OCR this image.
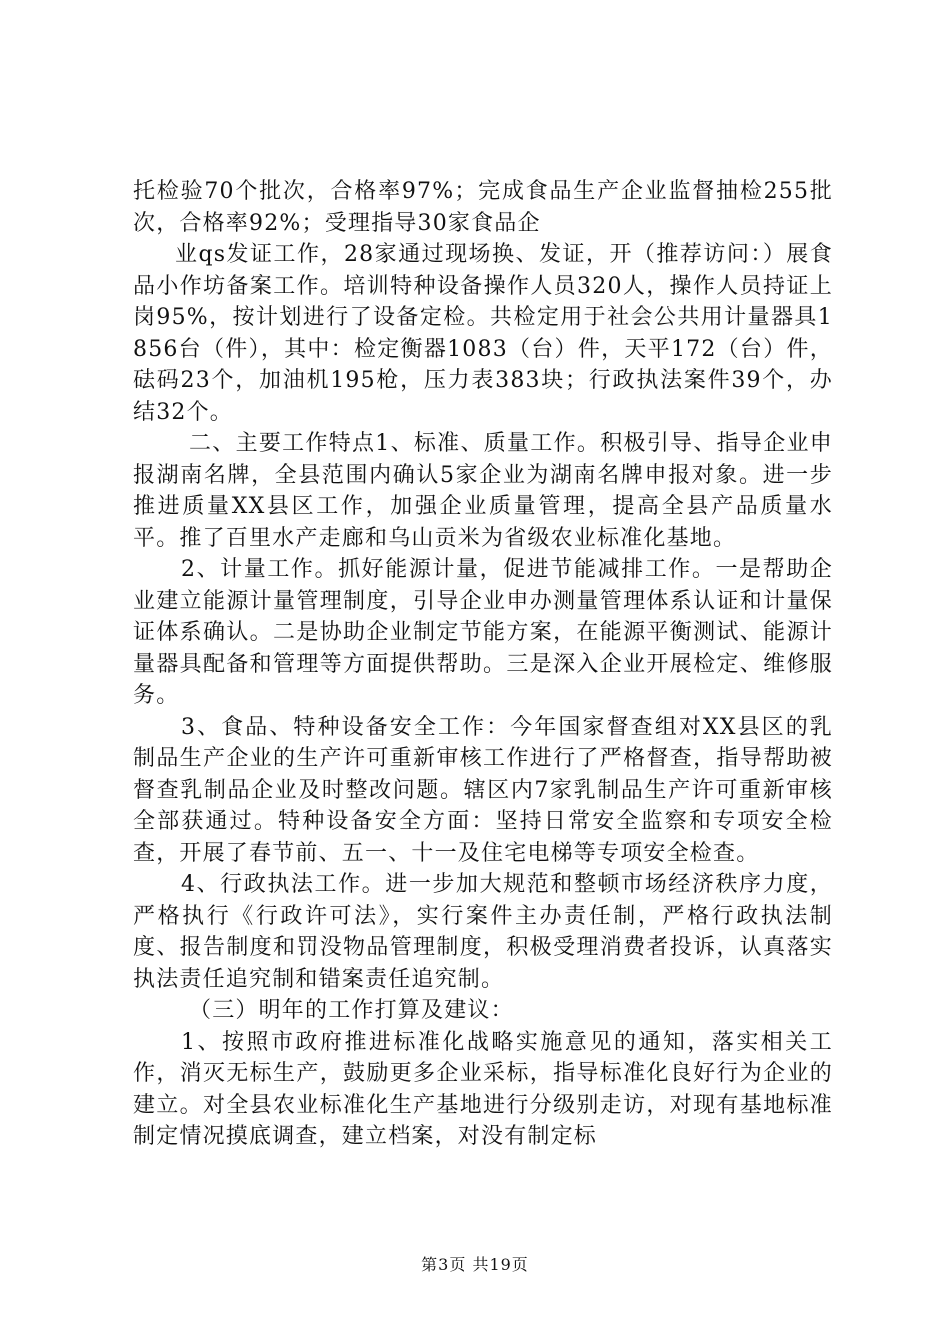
托检验70个批次，合格率97%；完成食品生产企业监督抽检255批次，合格率92%；受理指导30家食品企

业qs发证工作，28家通过现场换、发证，开（推荐访问：）展食品小作坊备案工作。培训特种设备操作人员320人，操作人员持证上岗95%，按计划进行了设备定检。共检定用于社会公共用计量器具1856台（件），其中：检定衡器1083（台）件，天平172（台）件，砝码23个，加油机195枪，压力表383块；行政执法案件39个，办结32个。

二、主要工作特点1、标准、质量工作。积极引导、指导企业申报湖南名牌，全县范围内确认5家企业为湖南名牌申报对象。进一步推进质量XX县区工作，加强企业质量管理，提高全县产品质量水平。推了百里水产走廊和乌山贡米为省级农业标准化基地。

2、计量工作。抓好能源计量，促进节能减排工作。一是帮助企业建立能源计量管理制度，引导企业申办测量管理体系认证和计量保证体系确认。二是协助企业制定节能方案，在能源平衡测试、能源计量器具配备和管理等方面提供帮助。三是深入企业开展检定、维修服务。

3、食品、特种设备安全工作：今年国家督查组对XX县区的乳制品生产企业的生产许可重新审核工作进行了严格督查，指导帮助被督查乳制品企业及时整改问题。辖区内7家乳制品生产许可重新审核全部获通过。特种设备安全方面：坚持日常安全监察和专项安全检查，开展了春节前、五一、十一及住宅电梯等专项安全检查。

4、行政执法工作。进一步加大规范和整顿市场经济秩序力度，严格执行《行政许可法》，实行案件主办责任制，严格行政执法制度、报告制度和罚没物品管理制度，积极受理消费者投诉，认真落实执法责任追究制和错案责任追究制。

（三）明年的工作打算及建议：

1、按照市政府推进标准化战略实施意见的通知，落实相关工作，消灭无标生产，鼓励更多企业采标，指导标准化良好行为企业的建立。对全县农业标准化生产基地进行分级别走访，对现有基地标准制定情况摸底调查，建立档案，对没有制定标

第3页 共19页
